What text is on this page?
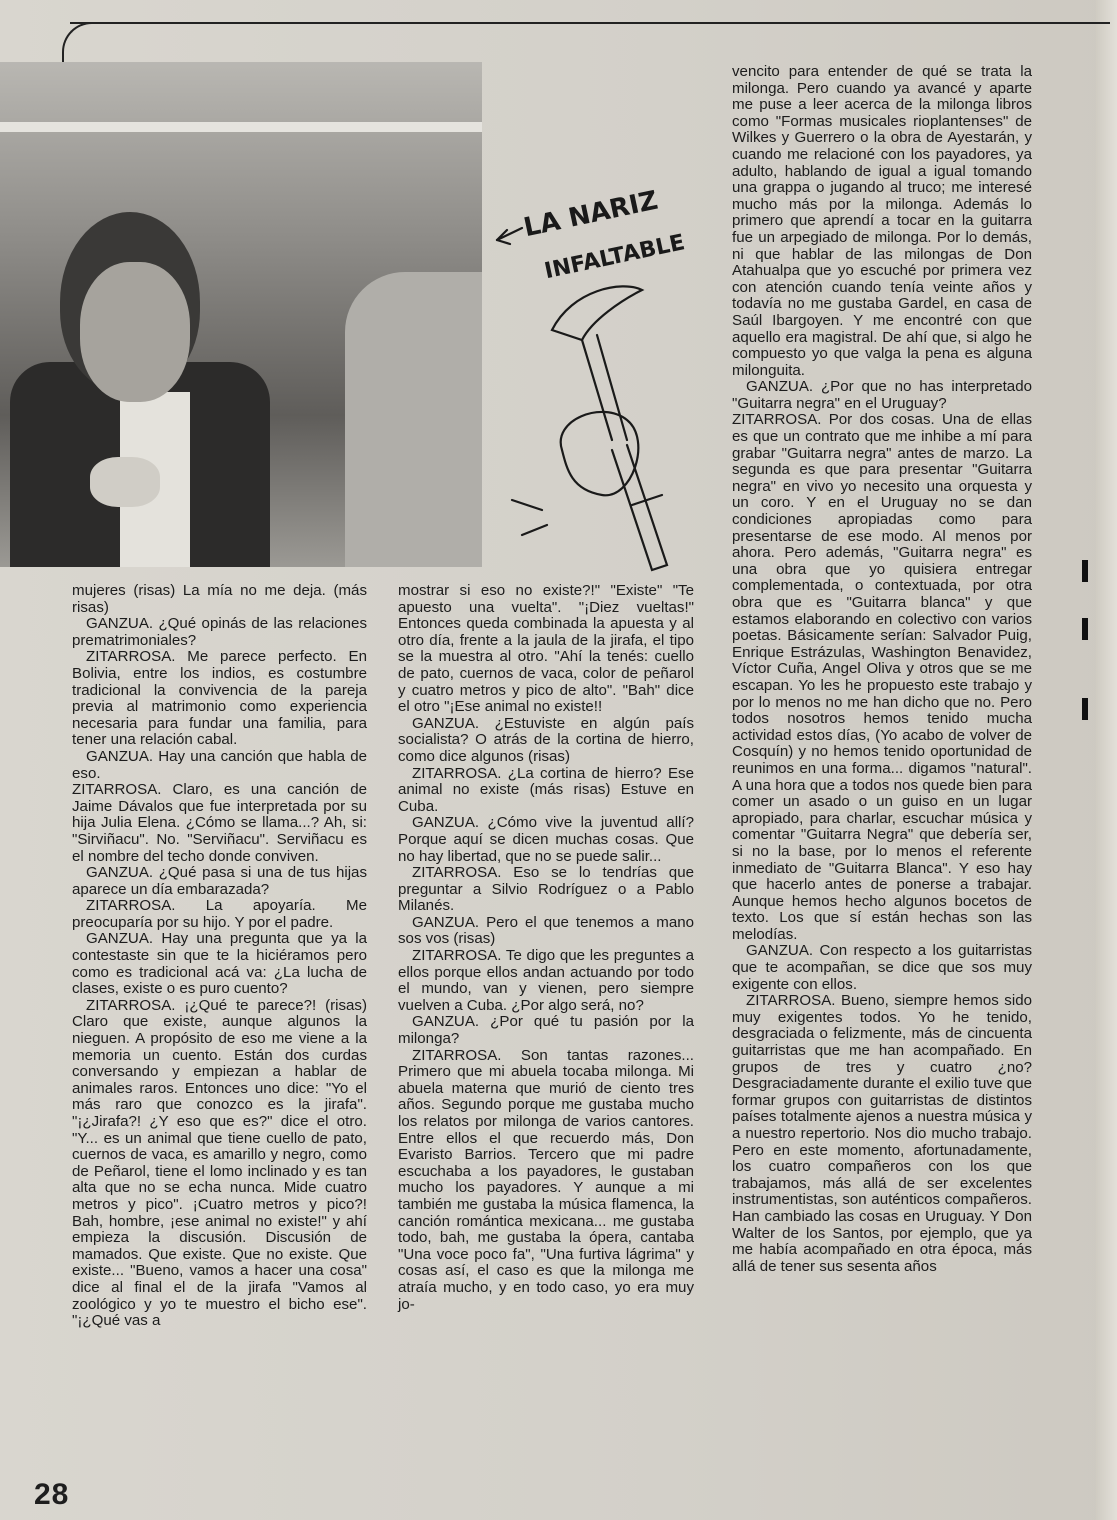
LA NARIZ
INFALTABLE

mujeres (risas) La mía no me deja. (más risas)

GANZUA. ¿Qué opinás de las relaciones prematrimoniales?

ZITARROSA. Me parece perfecto. En Bolivia, entre los indios, es costumbre tradicional la convivencia de la pareja previa al matrimonio como experiencia necesaria para fundar una familia, para tener una relación cabal.

GANZUA. Hay una canción que habla de eso.

ZITARROSA. Claro, es una canción de Jaime Dávalos que fue interpretada por su hija Julia Elena. ¿Cómo se llama...? Ah, si: "Sirviñacu". No. "Serviñacu". Serviñacu es el nombre del techo donde conviven.

GANZUA. ¿Qué pasa si una de tus hijas aparece un día embarazada?

ZITARROSA. La apoyaría. Me preocuparía por su hijo. Y por el padre.

GANZUA. Hay una pregunta que ya la contestaste sin que te la hiciéramos pero como es tradicional acá va: ¿La lucha de clases, existe o es puro cuento?

ZITARROSA. ¡¿Qué te parece?! (risas) Claro que existe, aunque algunos la nieguen. A propósito de eso me viene a la memoria un cuento. Están dos curdas conversando y empiezan a hablar de animales raros. Entonces uno dice: "Yo el más raro que conozco es la jirafa". "¡¿Jirafa?! ¿Y eso que es?" dice el otro. "Y... es un animal que tiene cuello de pato, cuernos de vaca, es amarillo y negro, como de Peñarol, tiene el lomo inclinado y es tan alta que no se echa nunca. Mide cuatro metros y pico". ¡Cuatro metros y pico?! Bah, hombre, ¡ese animal no existe!" y ahí empieza la discusión. Discusión de mamados. Que existe. Que no existe. Que existe... "Bueno, vamos a hacer una cosa" dice al final el de la jirafa "Vamos al zoológico y yo te muestro el bicho ese". "¡¿Qué vas a

mostrar si eso no existe?!" "Existe" "Te apuesto una vuelta". "¡Diez vueltas!" Entonces queda combinada la apuesta y al otro día, frente a la jaula de la jirafa, el tipo se la muestra al otro. "Ahí la tenés: cuello de pato, cuernos de vaca, color de peñarol y cuatro metros y pico de alto". "Bah" dice el otro "¡Ese animal no existe!!

GANZUA. ¿Estuviste en algún país socialista? O atrás de la cortina de hierro, como dice algunos (risas)

ZITARROSA. ¿La cortina de hierro? Ese animal no existe (más risas) Estuve en Cuba.

GANZUA. ¿Cómo vive la juventud allí? Porque aquí se dicen muchas cosas. Que no hay libertad, que no se puede salir...

ZITARROSA. Eso se lo tendrías que preguntar a Silvio Rodríguez o a Pablo Milanés.

GANZUA. Pero el que tenemos a mano sos vos (risas)

ZITARROSA. Te digo que les preguntes a ellos porque ellos andan actuando por todo el mundo, van y vienen, pero siempre vuelven a Cuba. ¿Por algo será, no?

GANZUA. ¿Por qué tu pasión por la milonga?

ZITARROSA. Son tantas razones... Primero que mi abuela tocaba milonga. Mi abuela materna que murió de ciento tres años. Segundo porque me gustaba mucho los relatos por milonga de varios cantores. Entre ellos el que recuerdo más, Don Evaristo Barrios. Tercero que mi padre escuchaba a los payadores, le gustaban mucho los payadores. Y aunque a mi también me gustaba la música flamenca, la canción romántica mexicana... me gustaba todo, bah, me gustaba la ópera, cantaba "Una voce poco fa", "Una furtiva lágrima" y cosas así, el caso es que la milonga me atraía mucho, y en todo caso, yo era muy jo-

vencito para entender de qué se trata la milonga. Pero cuando ya avancé y aparte me puse a leer acerca de la milonga libros como "Formas musicales rioplantenses" de Wilkes y Guerrero o la obra de Ayestarán, y cuando me relacioné con los payadores, ya adulto, hablando de igual a igual tomando una grappa o jugando al truco; me interesé mucho más por la milonga. Además lo primero que aprendí a tocar en la guitarra fue un arpegiado de milonga. Por lo demás, ni que hablar de las milongas de Don Atahualpa que yo escuché por primera vez con atención cuando tenía veinte años y todavía no me gustaba Gardel, en casa de Saúl Ibargoyen. Y me encontré con que aquello era magistral. De ahí que, si algo he compuesto yo que valga la pena es alguna milonguita.

GANZUA. ¿Por que no has interpretado "Guitarra negra" en el Uruguay?

ZITARROSA. Por dos cosas. Una de ellas es que un contrato que me inhibe a mí para grabar "Guitarra negra" antes de marzo. La segunda es que para presentar "Guitarra negra" en vivo yo necesito una orquesta y un coro. Y en el Uruguay no se dan condiciones apropiadas como para presentarse de ese modo. Al menos por ahora. Pero además, "Guitarra negra" es una obra que yo quisiera entregar complementada, o contextuada, por otra obra que es "Guitarra blanca" y que estamos elaborando en colectivo con varios poetas. Básicamente serían: Salvador Puig, Enrique Estrázulas, Washington Benavidez, Víctor Cuña, Angel Oliva y otros que se me escapan. Yo les he propuesto este trabajo y por lo menos no me han dicho que no. Pero todos nosotros hemos tenido mucha actividad estos días, (Yo acabo de volver de Cosquín) y no hemos tenido oportunidad de reunimos en una forma... digamos "natural". A una hora que a todos nos quede bien para comer un asado o un guiso en un lugar apropiado, para charlar, escuchar música y comentar "Guitarra Negra" que debería ser, si no la base, por lo menos el referente inmediato de "Guitarra Blanca". Y eso hay que hacerlo antes de ponerse a trabajar. Aunque hemos hecho algunos bocetos de texto. Los que sí están hechas son las melodías.

GANZUA. Con respecto a los guitarristas que te acompañan, se dice que sos muy exigente con ellos.

ZITARROSA. Bueno, siempre hemos sido muy exigentes todos. Yo he tenido, desgraciada o felizmente, más de cincuenta guitarristas que me han acompañado. En grupos de tres y cuatro ¿no? Desgraciadamente durante el exilio tuve que formar grupos con guitarristas de distintos países totalmente ajenos a nuestra música y a nuestro repertorio. Nos dio mucho trabajo. Pero en este momento, afortunadamente, los cuatro compañeros con los que trabajamos, más allá de ser excelentes instrumentistas, son auténticos compañeros. Han cambiado las cosas en Uruguay. Y Don Walter de los Santos, por ejemplo, que ya me había acompañado en otra época, más allá de tener sus sesenta años

28
